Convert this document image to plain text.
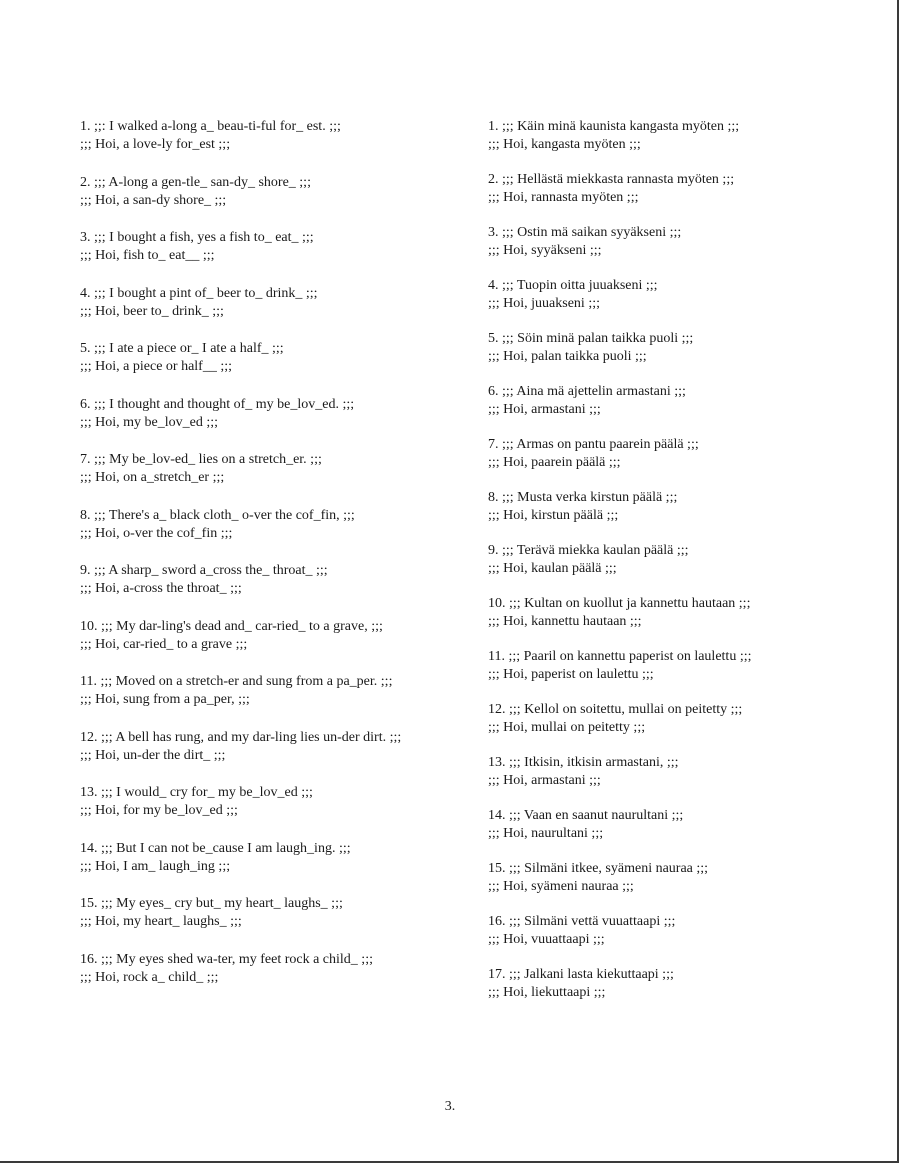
1. ;;: I walked a-long a_ beau-ti-ful for_ est. ;;;
;;; Hoi, a love-ly for_est ;;;
2. ;;; A-long a gen-tle_ san-dy_ shore_ ;;;
;;; Hoi, a san-dy shore_ ;;;
3. ;;; I bought a fish, yes a fish to_ eat_ ;;;
;;; Hoi, fish to_ eat__ ;;;
4. ;;; I bought a pint of_ beer to_ drink_ ;;;
;;; Hoi, beer to_ drink_ ;;;
5. ;;; I ate a piece or_ I ate a half_ ;;;
;;; Hoi, a piece or half__ ;;;
6. ;;; I thought and thought of_ my be_lov_ed. ;;;
;;; Hoi, my be_lov_ed ;;;
7. ;;; My be_lov-ed_ lies on a stretch_er. ;;;
;;; Hoi, on a_stretch_er ;;;
8. ;;; There's a_ black cloth_ o-ver the cof_fin, ;;;
;;; Hoi, o-ver the cof_fin ;;;
9. ;;; A sharp_ sword a_cross the_ throat_ ;;;
;;; Hoi, a-cross the throat_ ;;;
10. ;;; My dar-ling's dead and_ car-ried_ to a grave, ;;;
;;; Hoi, car-ried_ to a grave ;;;
11. ;;; Moved on a stretch-er and sung from a pa_per. ;;;
;;; Hoi, sung from a pa_per, ;;;
12. ;;; A bell has rung, and my dar-ling lies un-der dirt. ;;;
;;; Hoi, un-der the dirt_ ;;;
13. ;;; I would_ cry for_ my be_lov_ed ;;;
;;; Hoi, for my be_lov_ed ;;;
14. ;;; But I can not be_cause I am laugh_ing. ;;;
;;; Hoi, I am_ laugh_ing ;;;
15. ;;; My eyes_ cry but_ my heart_ laughs_ ;;;
;;; Hoi, my heart_ laughs_ ;;;
16. ;;; My eyes shed wa-ter, my feet rock a child_ ;;;
;;; Hoi, rock a_ child_ ;;;
1. ;;; Käin minä kaunista kangasta myöten ;;;
;;; Hoi, kangasta myöten ;;;
2. ;;; Hellästä miekkasta rannasta myöten ;;;
;;; Hoi, rannasta myöten ;;;
3. ;;; Ostin mä saikan syyäkseni ;;;
;;; Hoi, syyäkseni ;;;
4. ;;; Tuopin oitta juuakseni ;;;
;;; Hoi, juuakseni ;;;
5. ;;; Söin minä palan taikka puoli ;;;
;;; Hoi, palan taikka puoli ;;;
6. ;;; Aina mä ajettelin armastani ;;;
;;; Hoi, armastani ;;;
7. ;;; Armas on pantu paarein päälä ;;;
;;; Hoi, paarein päälä ;;;
8. ;;; Musta verka kirstun päälä ;;;
;;; Hoi, kirstun päälä ;;;
9. ;;; Terävä miekka kaulan päälä ;;;
;;; Hoi, kaulan päälä ;;;
10. ;;; Kultan on kuollut ja kannettu hautaan ;;;
;;; Hoi, kannettu hautaan ;;;
11. ;;; Paaril on kannettu paperist on laulettu ;;;
;;; Hoi, paperist on laulettu ;;;
12. ;;; Kellol on soitettu, mullai on peitetty ;;;
;;; Hoi, mullai on peitetty ;;;
13. ;;; Itkisin, itkisin armastani, ;;;
;;; Hoi, armastani ;;;
14. ;;; Vaan en saanut naurultani ;;;
;;; Hoi, naurultani ;;;
15. ;;; Silmäni itkee, syämeni nauraa ;;;
;;; Hoi, syämeni nauraa ;;;
16. ;;; Silmäni vettä vuuattaapi ;;;
;;; Hoi, vuuattaapi ;;;
17. ;;; Jalkani lasta kiekuttaapi ;;;
;;; Hoi, liekuttaapi ;;;
3.
